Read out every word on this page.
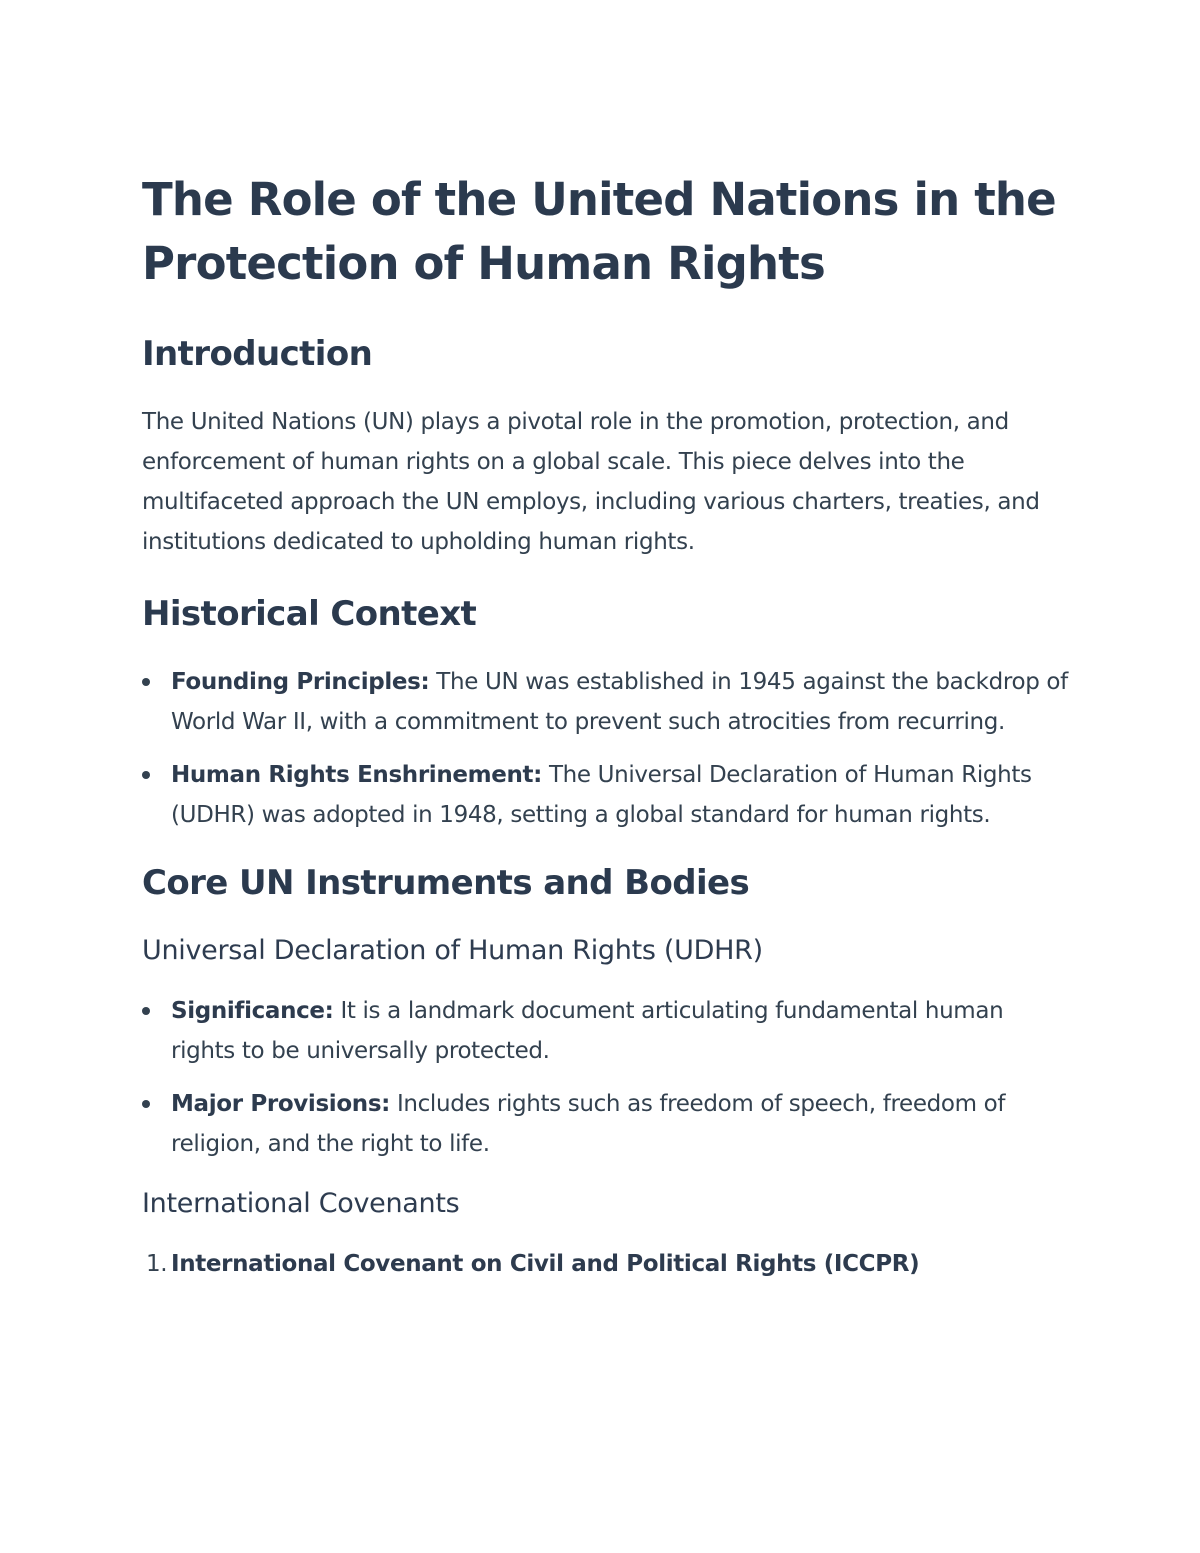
The Role of the United Nations in the Protection of Human Rights
Introduction

The United Nations (UN) plays a pivotal role in the promotion, protection, and enforcement of human rights on a global scale. This piece delves into the multifaceted approach the UN employs, including various charters, treaties, and institutions dedicated to upholding human rights.

Historical Context
Founding Principles: The UN was established in 1945 against the backdrop of World War II, with a commitment to prevent such atrocities from recurring.
Human Rights Enshrinement: The Universal Declaration of Human Rights (UDHR) was adopted in 1948, setting a global standard for human rights.
Core UN Instruments and Bodies
Universal Declaration of Human Rights (UDHR)
Significance: It is a landmark document articulating fundamental human rights to be universally protected.
Major Provisions: Includes rights such as freedom of speech, freedom of religion, and the right to life.
International Covenants
1. International Covenant on Civil and Political Rights (ICCPR)
